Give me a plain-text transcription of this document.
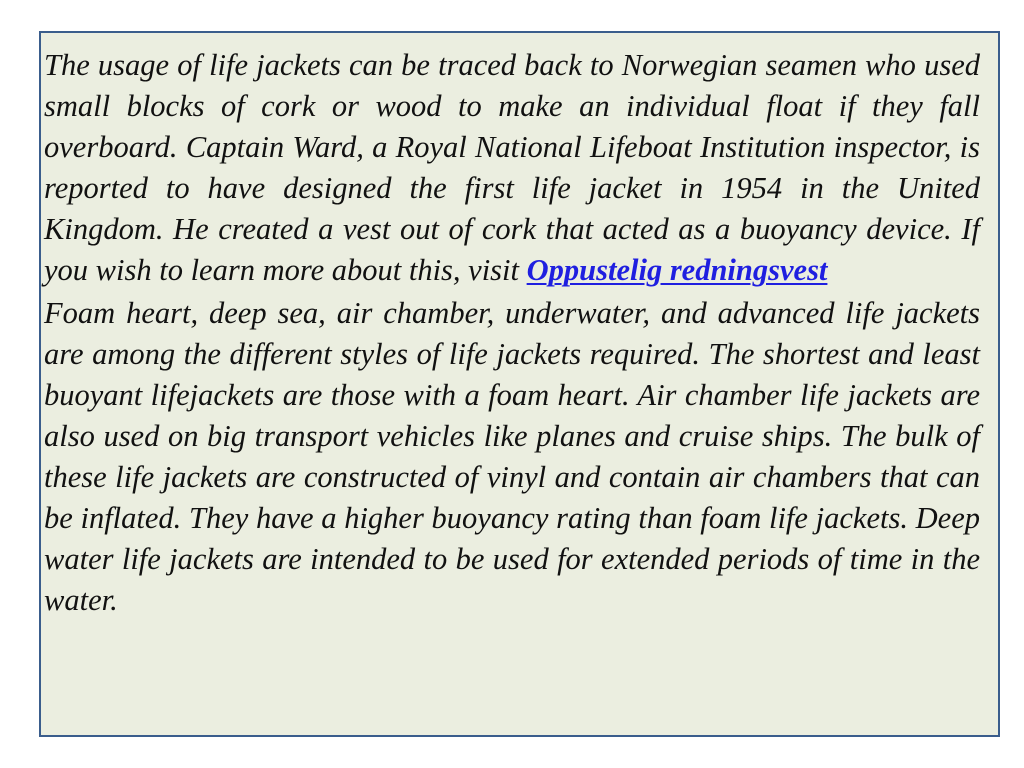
The usage of life jackets can be traced back to Norwegian seamen who used small blocks of cork or wood to make an individual float if they fall overboard. Captain Ward, a Royal National Lifeboat Institution inspector, is reported to have designed the first life jacket in 1954 in the United Kingdom. He created a vest out of cork that acted as a buoyancy device. If you wish to learn more about this, visit Oppustelig redningsvest

Foam heart, deep sea, air chamber, underwater, and advanced life jackets are among the different styles of life jackets required. The shortest and least buoyant lifejackets are those with a foam heart. Air chamber life jackets are also used on big transport vehicles like planes and cruise ships. The bulk of these life jackets are constructed of vinyl and contain air chambers that can be inflated. They have a higher buoyancy rating than foam life jackets. Deep water life jackets are intended to be used for extended periods of time in the water.
